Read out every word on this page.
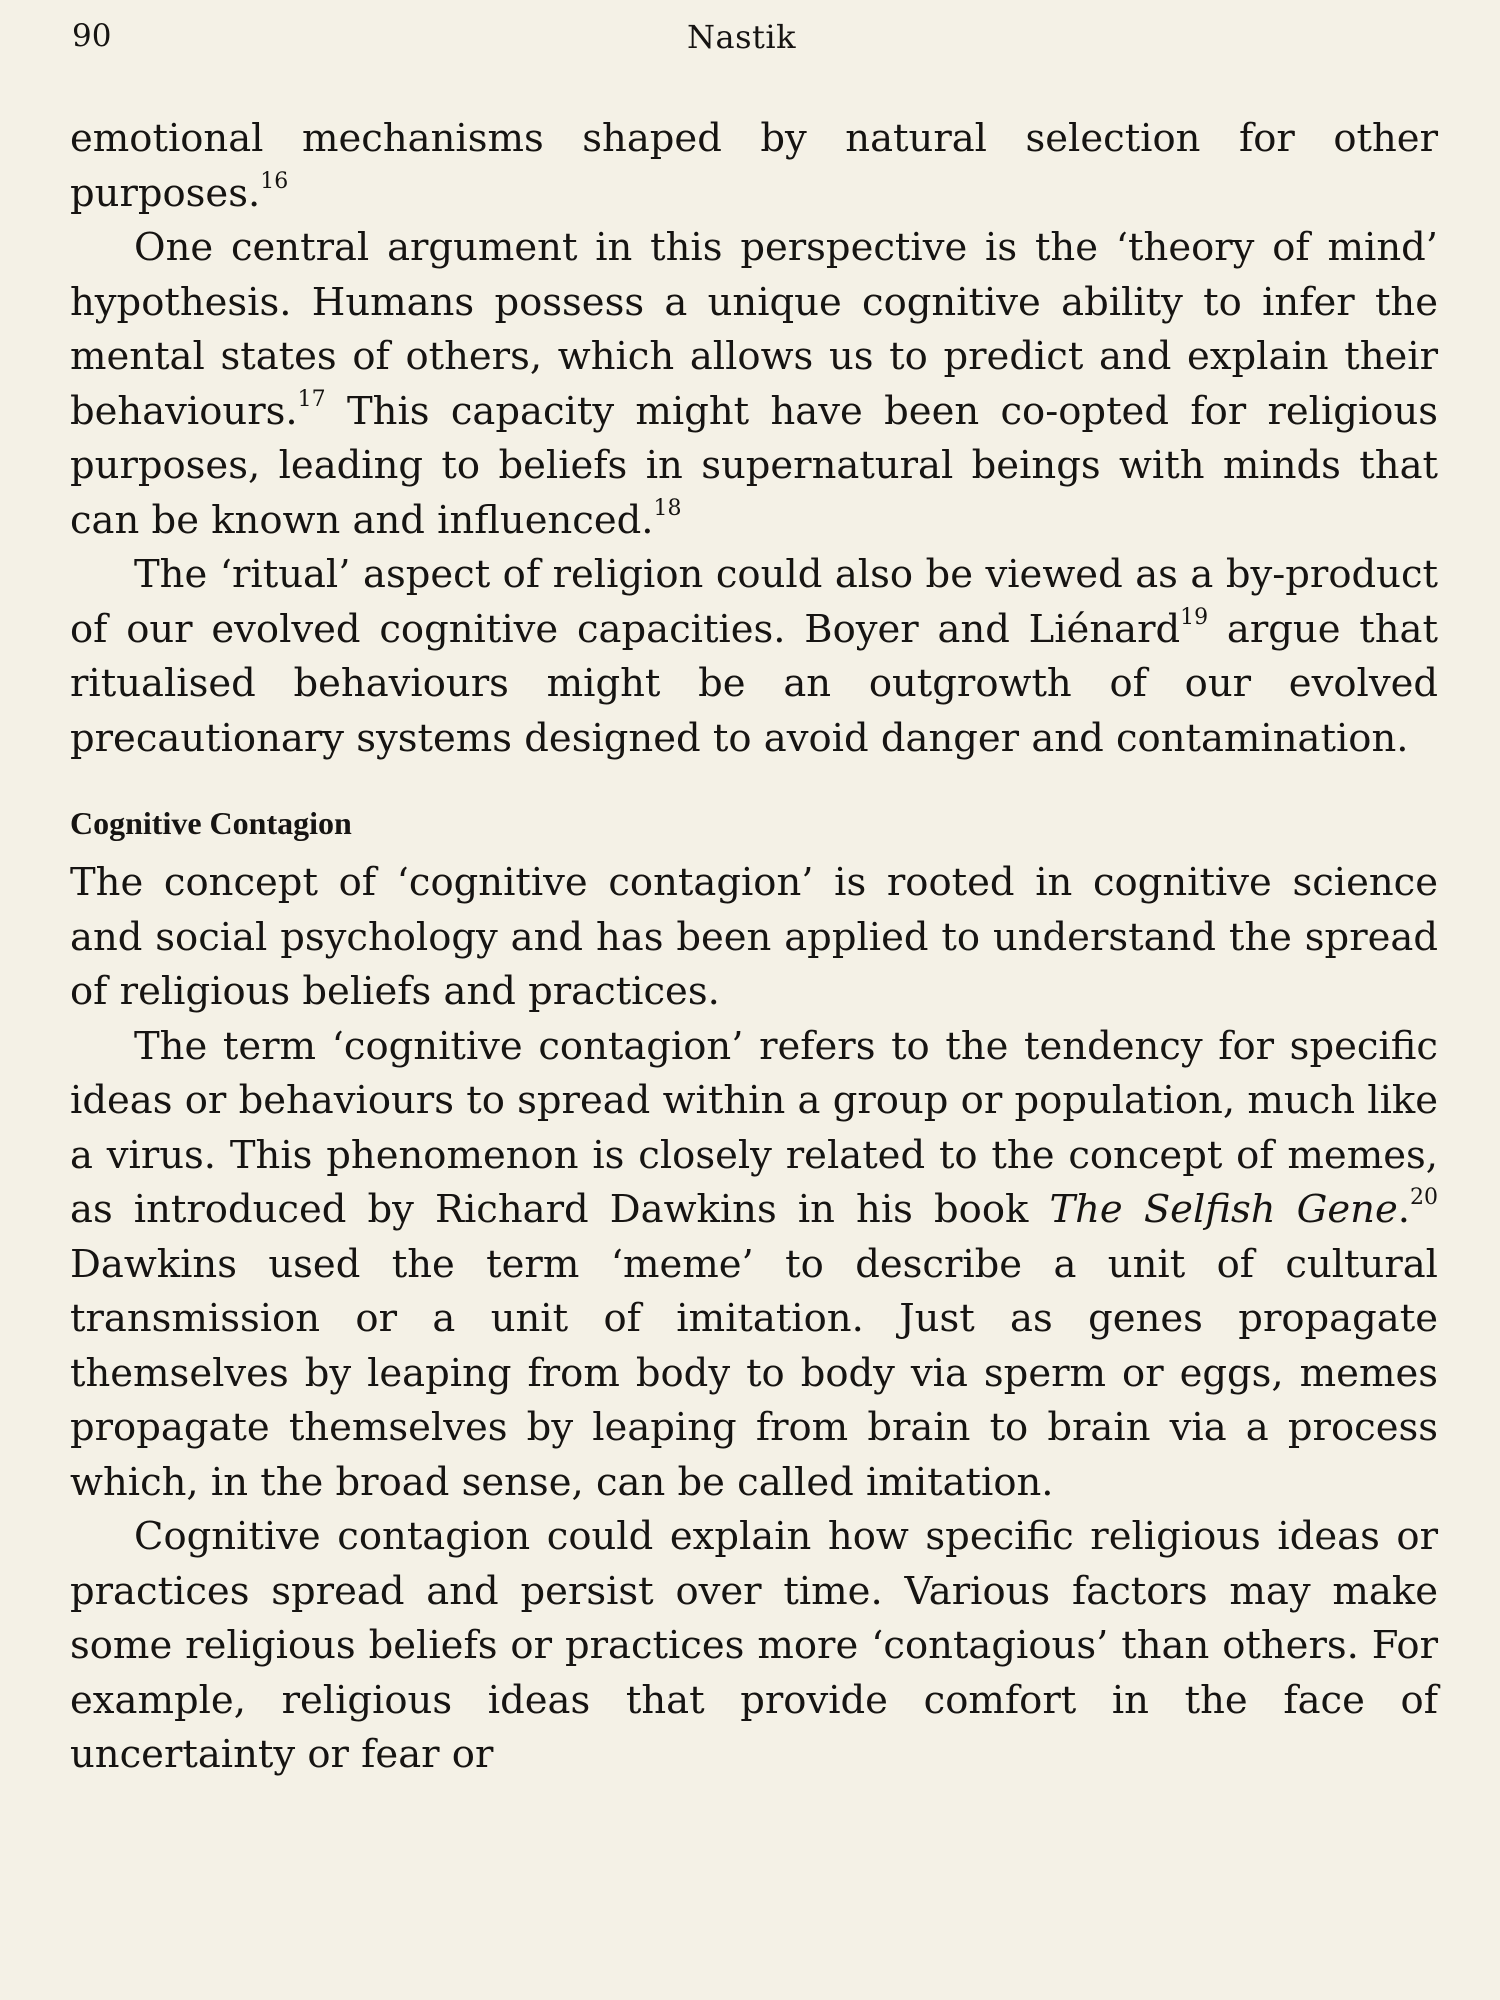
90	Nastik

emotional mechanisms shaped by natural selection for other purposes.$^{16}$

One central argument in this perspective is the ‘theory of mind’ hypothesis. Humans possess a unique cognitive ability to infer the mental states of others, which allows us to predict and explain their behaviours.$^{17}$ This capacity might have been co-opted for religious purposes, leading to beliefs in supernatural beings with minds that can be known and influenced.$^{18}$

The ‘ritual’ aspect of religion could also be viewed as a by-product of our evolved cognitive capacities. Boyer and Liénard$^{19}$ argue that ritualised behaviours might be an outgrowth of our evolved precautionary systems designed to avoid danger and contamination.

Cognitive Contagion

The concept of ‘cognitive contagion’ is rooted in cognitive science and social psychology and has been applied to understand the spread of religious beliefs and practices.

The term ‘cognitive contagion’ refers to the tendency for specific ideas or behaviours to spread within a group or population, much like a virus. This phenomenon is closely related to the concept of memes, as introduced by Richard Dawkins in his book The Selfish Gene.$^{20}$ Dawkins used the term ‘meme’ to describe a unit of cultural transmission or a unit of imitation. Just as genes propagate themselves by leaping from body to body via sperm or eggs, memes propagate themselves by leaping from brain to brain via a process which, in the broad sense, can be called imitation.

Cognitive contagion could explain how specific religious ideas or practices spread and persist over time. Various factors may make some religious beliefs or practices more ‘contagious’ than others. For example, religious ideas that provide comfort in the face of uncertainty or fear or
